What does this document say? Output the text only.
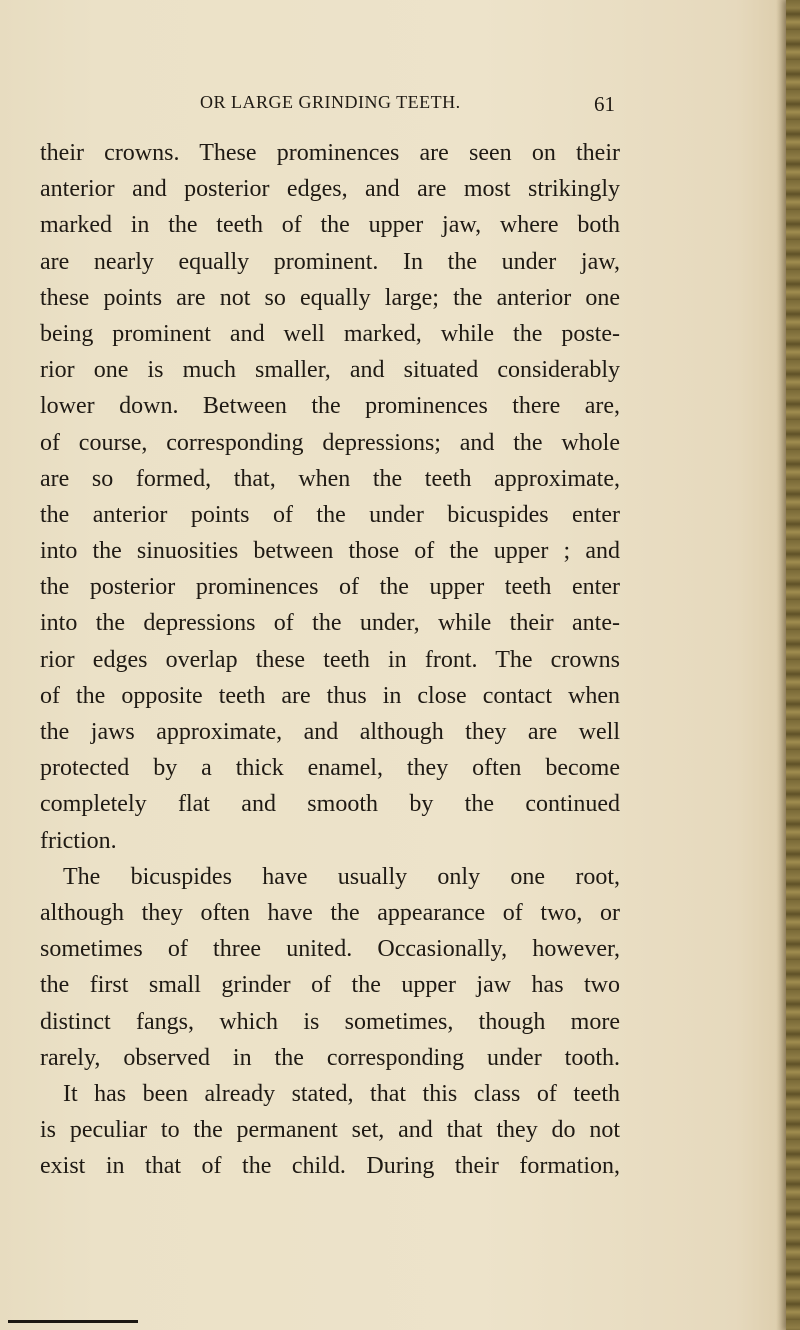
OR LARGE GRINDING TEETH.	61
their crowns. These prominences are seen on their
anterior and posterior edges, and are most strikingly
marked in the teeth of the upper jaw, where both
are nearly equally prominent. In the under jaw,
these points are not so equally large; the anterior one
being prominent and well marked, while the poste-
rior one is much smaller, and situated considerably
lower down. Between the prominences there are,
of course, corresponding depressions; and the whole
are so formed, that, when the teeth approximate,
the anterior points of the under bicuspides enter
into the sinuosities between those of the upper ; and
the posterior prominences of the upper teeth enter
into the depressions of the under, while their ante-
rior edges overlap these teeth in front. The crowns
of the opposite teeth are thus in close contact when
the jaws approximate, and although they are well
protected by a thick enamel, they often become
completely flat and smooth by the continued
friction.
The bicuspides have usually only one root,
although they often have the appearance of two, or
sometimes of three united. Occasionally, however,
the first small grinder of the upper jaw has two
distinct fangs, which is sometimes, though more
rarely, observed in the corresponding under tooth.
It has been already stated, that this class of teeth
is peculiar to the permanent set, and that they do not
exist in that of the child. During their formation,
